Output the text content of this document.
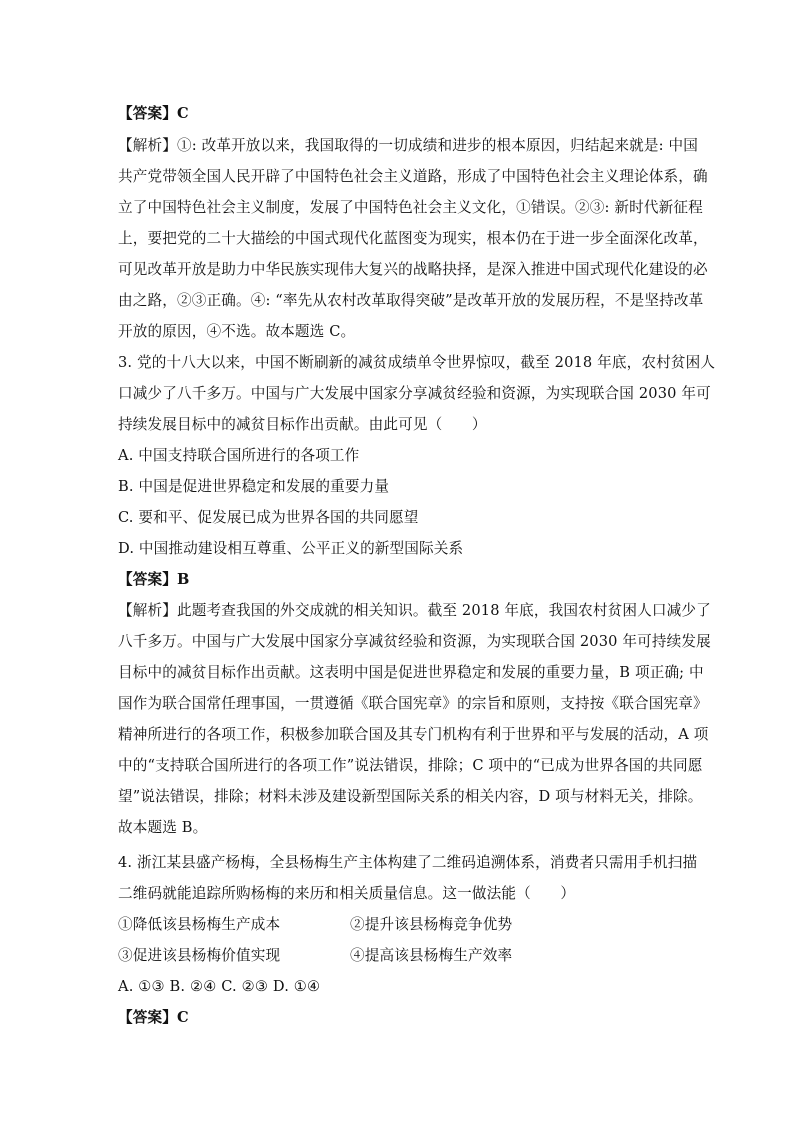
【答案】C
【解析】①: 改革开放以来，我国取得的一切成绩和进步的根本原因，归结起来就是: 中国
共产党带领全国人民开辟了中国特色社会主义道路，形成了中国特色社会主义理论体系，确
立了中国特色社会主义制度，发展了中国特色社会主义文化，①错误。②③: 新时代新征程
上，要把党的二十大描绘的中国式现代化蓝图变为现实，根本仍在于进一步全面深化改革，
可见改革开放是助力中华民族实现伟大复兴的战略抉择，是深入推进中国式现代化建设的必
由之路，②③正确。④: “率先从农村改革取得突破”是改革开放的发展历程，不是坚持改革
开放的原因，④不选。故本题选 C。
3. 党的十八大以来，中国不断刷新的减贫成绩单令世界惊叹，截至 2018 年底，农村贫困人
口减少了八千多万。中国与广大发展中国家分享减贫经验和资源，为实现联合国 2030 年可
持续发展目标中的减贫目标作出贡献。由此可见（　　）
A. 中国支持联合国所进行的各项工作
B. 中国是促进世界稳定和发展的重要力量
C. 要和平、促发展已成为世界各国的共同愿望
D. 中国推动建设相互尊重、公平正义的新型国际关系
【答案】B
【解析】此题考查我国的外交成就的相关知识。截至 2018 年底，我国农村贫困人口减少了
八千多万。中国与广大发展中国家分享减贫经验和资源，为实现联合国 2030 年可持续发展
目标中的减贫目标作出贡献。这表明中国是促进世界稳定和发展的重要力量，B 项正确; 中
国作为联合国常任理事国，一贯遵循《联合国宪章》的宗旨和原则，支持按《联合国宪章》
精神所进行的各项工作，积极参加联合国及其专门机构有利于世界和平与发展的活动，A 项
中的“支持联合国所进行的各项工作”说法错误，排除；C 项中的“已成为世界各国的共同愿
望”说法错误，排除；材料未涉及建设新型国际关系的相关内容，D 项与材料无关，排除。
故本题选 B。
4. 浙江某县盛产杨梅，全县杨梅生产主体构建了二维码追溯体系，消费者只需用手机扫描
二维码就能追踪所购杨梅的来历和相关质量信息。这一做法能（　　）
①降低该县杨梅生产成本	②提升该县杨梅竞争优势
③促进该县杨梅价值实现	④提高该县杨梅生产效率
A. ①③ B. ②④ C. ②③ D. ①④
【答案】C
